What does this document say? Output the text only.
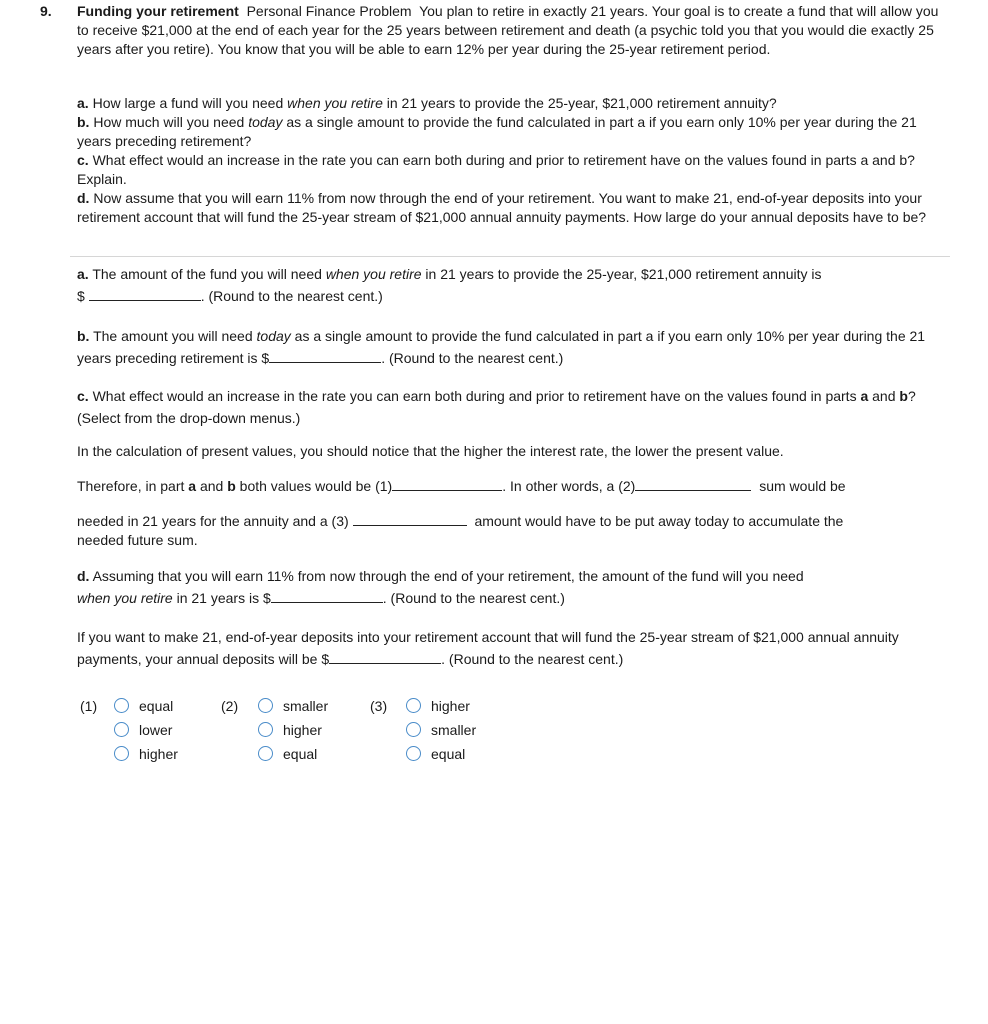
9. Funding your retirement Personal Finance Problem You plan to retire in exactly 21 years. Your goal is to create a fund that will allow you to receive $21,000 at the end of each year for the 25 years between retirement and death (a psychic told you that you would die exactly 25 years after you retire). You know that you will be able to earn 12% per year during the 25-year retirement period.

a. How large a fund will you need when you retire in 21 years to provide the 25-year, $21,000 retirement annuity?

b. How much will you need today as a single amount to provide the fund calculated in part a if you earn only 10% per year during the 21 years preceding retirement?

c. What effect would an increase in the rate you can earn both during and prior to retirement have on the values found in parts a and b? Explain.

d. Now assume that you will earn 11% from now through the end of your retirement. You want to make 21, end-of-year deposits into your retirement account that will fund the 25-year stream of $21,000 annual annuity payments. How large do your annual deposits have to be?

a. The amount of the fund you will need when you retire in 21 years to provide the 25-year, $21,000 retirement annuity is
$	. (Round to the nearest cent.)
b. The amount you will need today as a single amount to provide the fund calculated in part a if you earn only 10% per year during the 21 years preceding retirement is $	. (Round to the nearest cent.)
c. What effect would an increase in the rate you can earn both during and prior to retirement have on the values found in parts a and b? (Select from the drop-down menus.)
In the calculation of present values, you should notice that the higher the interest rate, the lower the present value.
Therefore, in part a and b both values would be (1)	. In other words, a (2)	sum would be
needed in 21 years for the annuity and a (3)	amount would have to be put away today to accumulate the
needed future sum.
d. Assuming that you will earn 11% from now through the end of your retirement, the amount of the fund will you need
when you retire in 21 years is $	. (Round to the nearest cent.)
If you want to make 21, end-of-year deposits into your retirement account that will fund the 25-year stream of $21,000 annual annuity payments, your annual deposits will be $	. (Round to the nearest cent.)
(1)	equal
lower
higher
(2)	smaller
higher
equal
(3)	higher
smaller
equal
